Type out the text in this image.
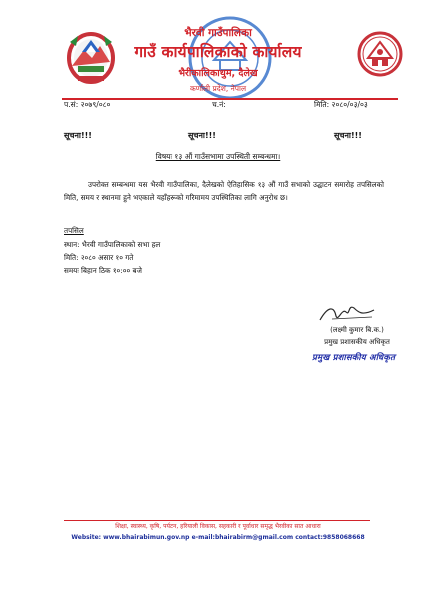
भैरवी गाउँपालिका
गाउँ कार्यपालिकाको कार्यालय
भैरीकालिकाथुम, दैलेख
कर्णाली प्रदेश, नेपाल
प.सं: २०७९/०८०	च.नं:	मिति: २०८०/०३/०३
सूचना!!!	सूचना!!!	सूचना!!!
विषयः १३ औं गाउँसभामा उपस्थिती सम्बन्धमा।
उपरोक्त सम्बन्धमा यस भैरवी गाउँपालिका, दैलेखको ऐतिहासिक १३ औं गाउँ सभाको उद्घाटन समारोह तपसिलको मिति, समय र स्थानमा हुने भएकाले यहाँहरूको गरिमामय उपस्थितिका लागि अनुरोध छ।
तपसिल
स्थान: भैरवी गाउँपालिकाको सभा हल
मिति: २०८० असार १० गते
समयः बिहान ठिक १०:०० बजे
(लक्ष्मी कुमार बि.क.)
प्रमुख प्रशासकीय अधिकृत
प्रमुख प्रशासकीय अधिकृत
शिक्षा, स्वास्थ्य, कृषि, पर्यटन, हरियाली विकास, सहकारी र पूर्वाधार समृद्ध भैरवीका सात आधारा
Website: www.bhairabimun.gov.np e-mail:bhairabirm@gmail.com contact:9858068668
